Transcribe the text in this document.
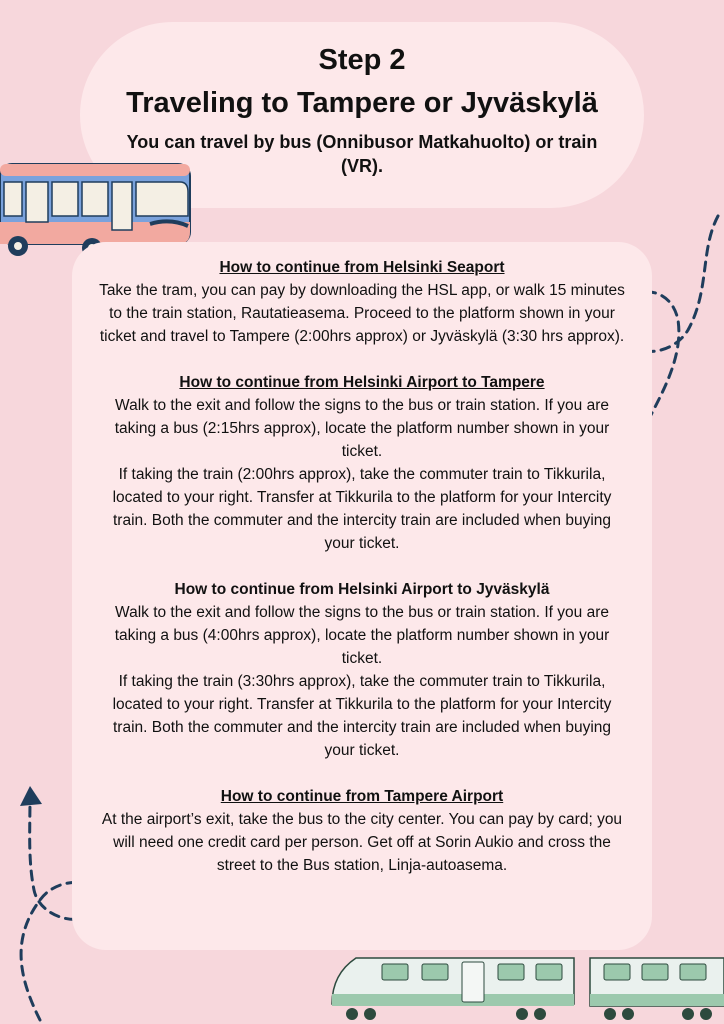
Step 2
Traveling to Tampere or Jyväskylä

You can travel by bus (Onnibusor Matkahuolto) or train (VR).

How to continue from Helsinki Seaport

Take the tram, you can pay by downloading the HSL app, or walk 15 minutes to the train station, Rautatieasema. Proceed to the platform shown in your ticket and travel to Tampere (2:00hrs approx) or Jyväskylä (3:30 hrs approx).

How to continue from Helsinki Airport to Tampere

Walk to the exit and follow the signs to the bus or train station. If you are taking a bus (2:15hrs approx), locate the platform number shown in your ticket.

If taking the train (2:00hrs approx), take the commuter train to Tikkurila, located to your right. Transfer at Tikkurila to the platform for your Intercity train. Both the commuter and the intercity train are included when buying your ticket.

How to continue from Helsinki Airport to Jyväskylä

Walk to the exit and follow the signs to the bus or train station. If you are taking a bus (4:00hrs approx), locate the platform number shown in your ticket.

If taking the train (3:30hrs approx), take the commuter train to Tikkurila, located to your right. Transfer at Tikkurila to the platform for your Intercity train. Both the commuter and the intercity train are included when buying your ticket.

How to continue from Tampere Airport

At the airport’s exit, take the bus to the city center. You can pay by card; you will need one credit card per person. Get off at Sorin Aukio and cross the street to the Bus station, Linja-autoasema.
